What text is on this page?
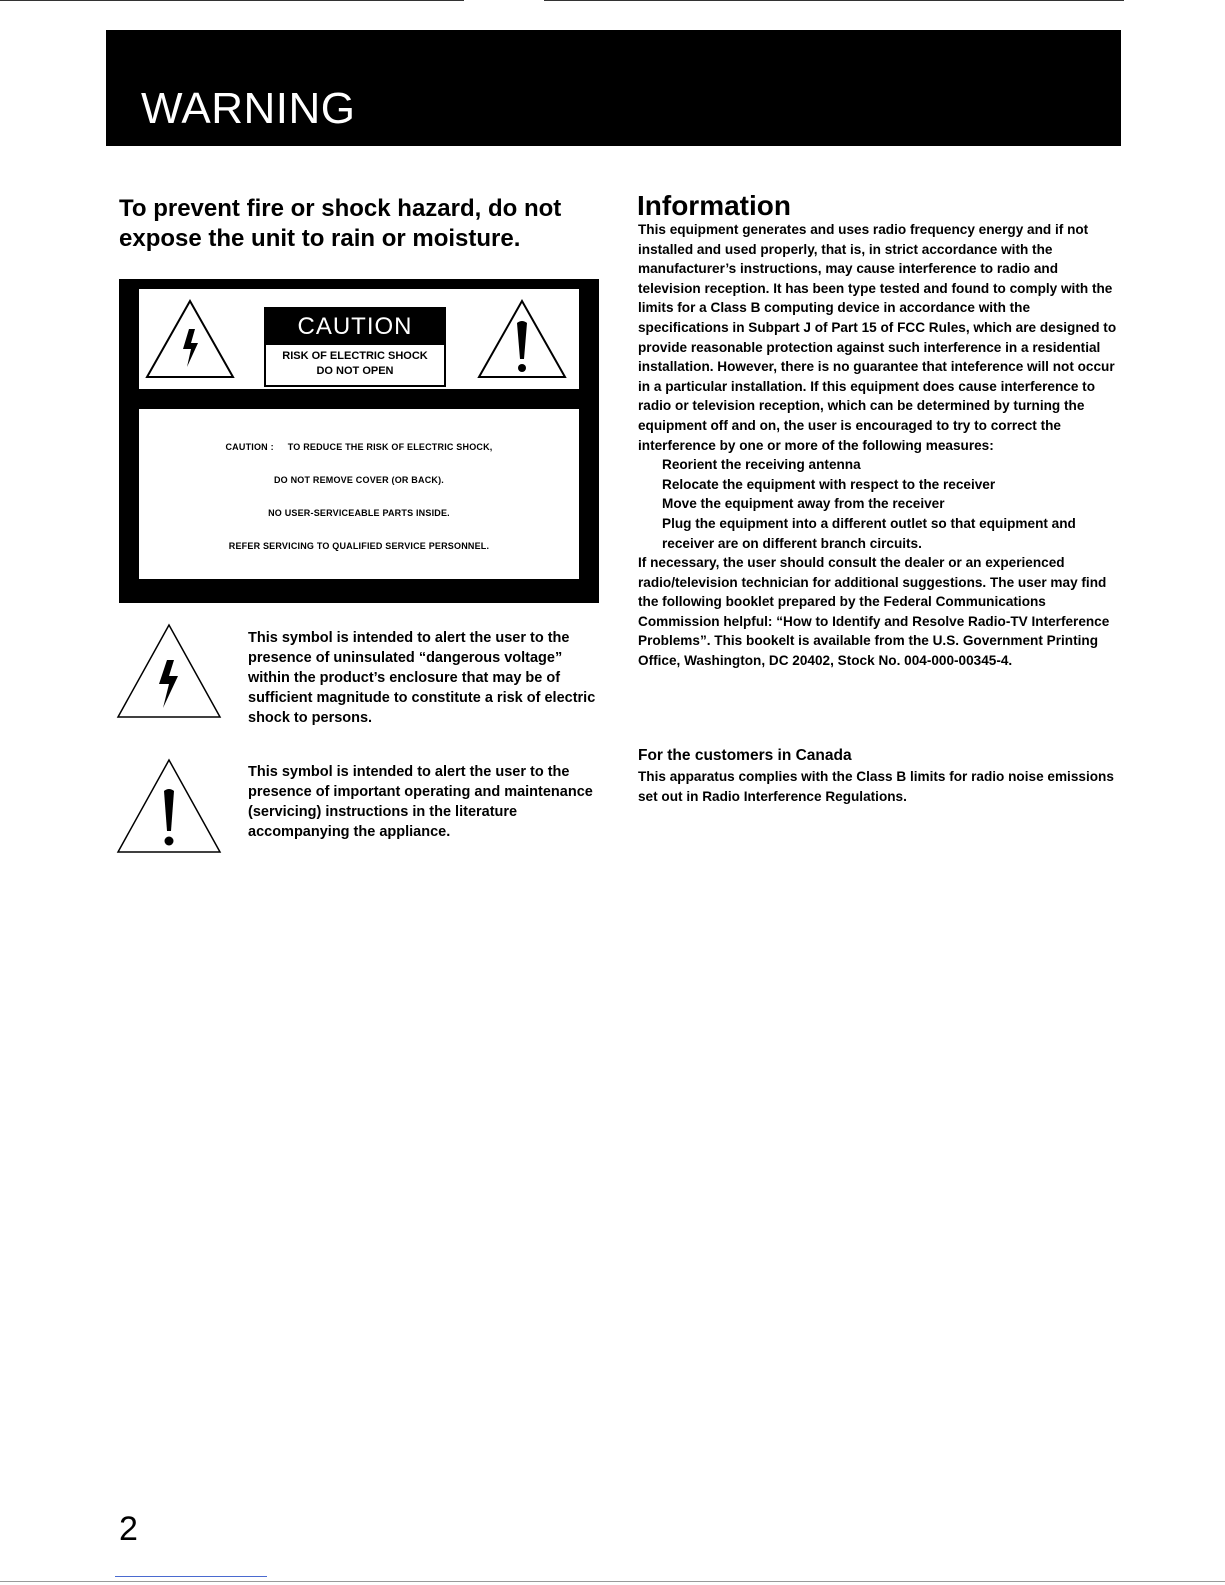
WARNING
To prevent fire or shock hazard, do not expose the unit to rain or moisture.
CAUTION
RISK OF ELECTRIC SHOCK
DO NOT OPEN
CAUTION : TO REDUCE THE RISK OF ELECTRIC SHOCK,
DO NOT REMOVE COVER (OR BACK).
NO USER-SERVICEABLE PARTS INSIDE.
REFER SERVICING TO QUALIFIED SERVICE PERSONNEL.
This symbol is intended to alert the user to the presence of uninsulated “dangerous voltage” within the product’s enclosure that may be of sufficient magnitude to constitute a risk of electric shock to persons.
This symbol is intended to alert the user to the presence of important operating and maintenance (servicing) instructions in the literature accompanying the appliance.
Information

This equipment generates and uses radio frequency energy and if not installed and used properly, that is, in strict accordance with the manufacturer’s instructions, may cause interference to radio and television reception. It has been type tested and found to comply with the limits for a Class B computing device in accordance with the specifications in Subpart J of Part 15 of FCC Rules, which are designed to provide reasonable protection against such interference in a residential installation. However, there is no guarantee that inteference will not occur in a particular installation. If this equipment does cause interference to radio or television reception, which can be determined by turning the equipment off and on, the user is encouraged to try to correct the interference by one or more of the following measures:

Reorient the receiving antenna

Relocate the equipment with respect to the receiver

Move the equipment away from the receiver

Plug the equipment into a different outlet so that equipment and receiver are on different branch circuits.

If necessary, the user should consult the dealer or an experienced radio/television technician for additional suggestions. The user may find the following booklet prepared by the Federal Communications Commission helpful: “How to Identify and Resolve Radio-TV Interference Problems”. This bookelt is available from the U.S. Government Printing Office, Washington, DC 20402, Stock No. 004-000-00345-4.

For the customers in Canada
This apparatus complies with the Class B limits for radio noise emissions set out in Radio Interference Regulations.
2
